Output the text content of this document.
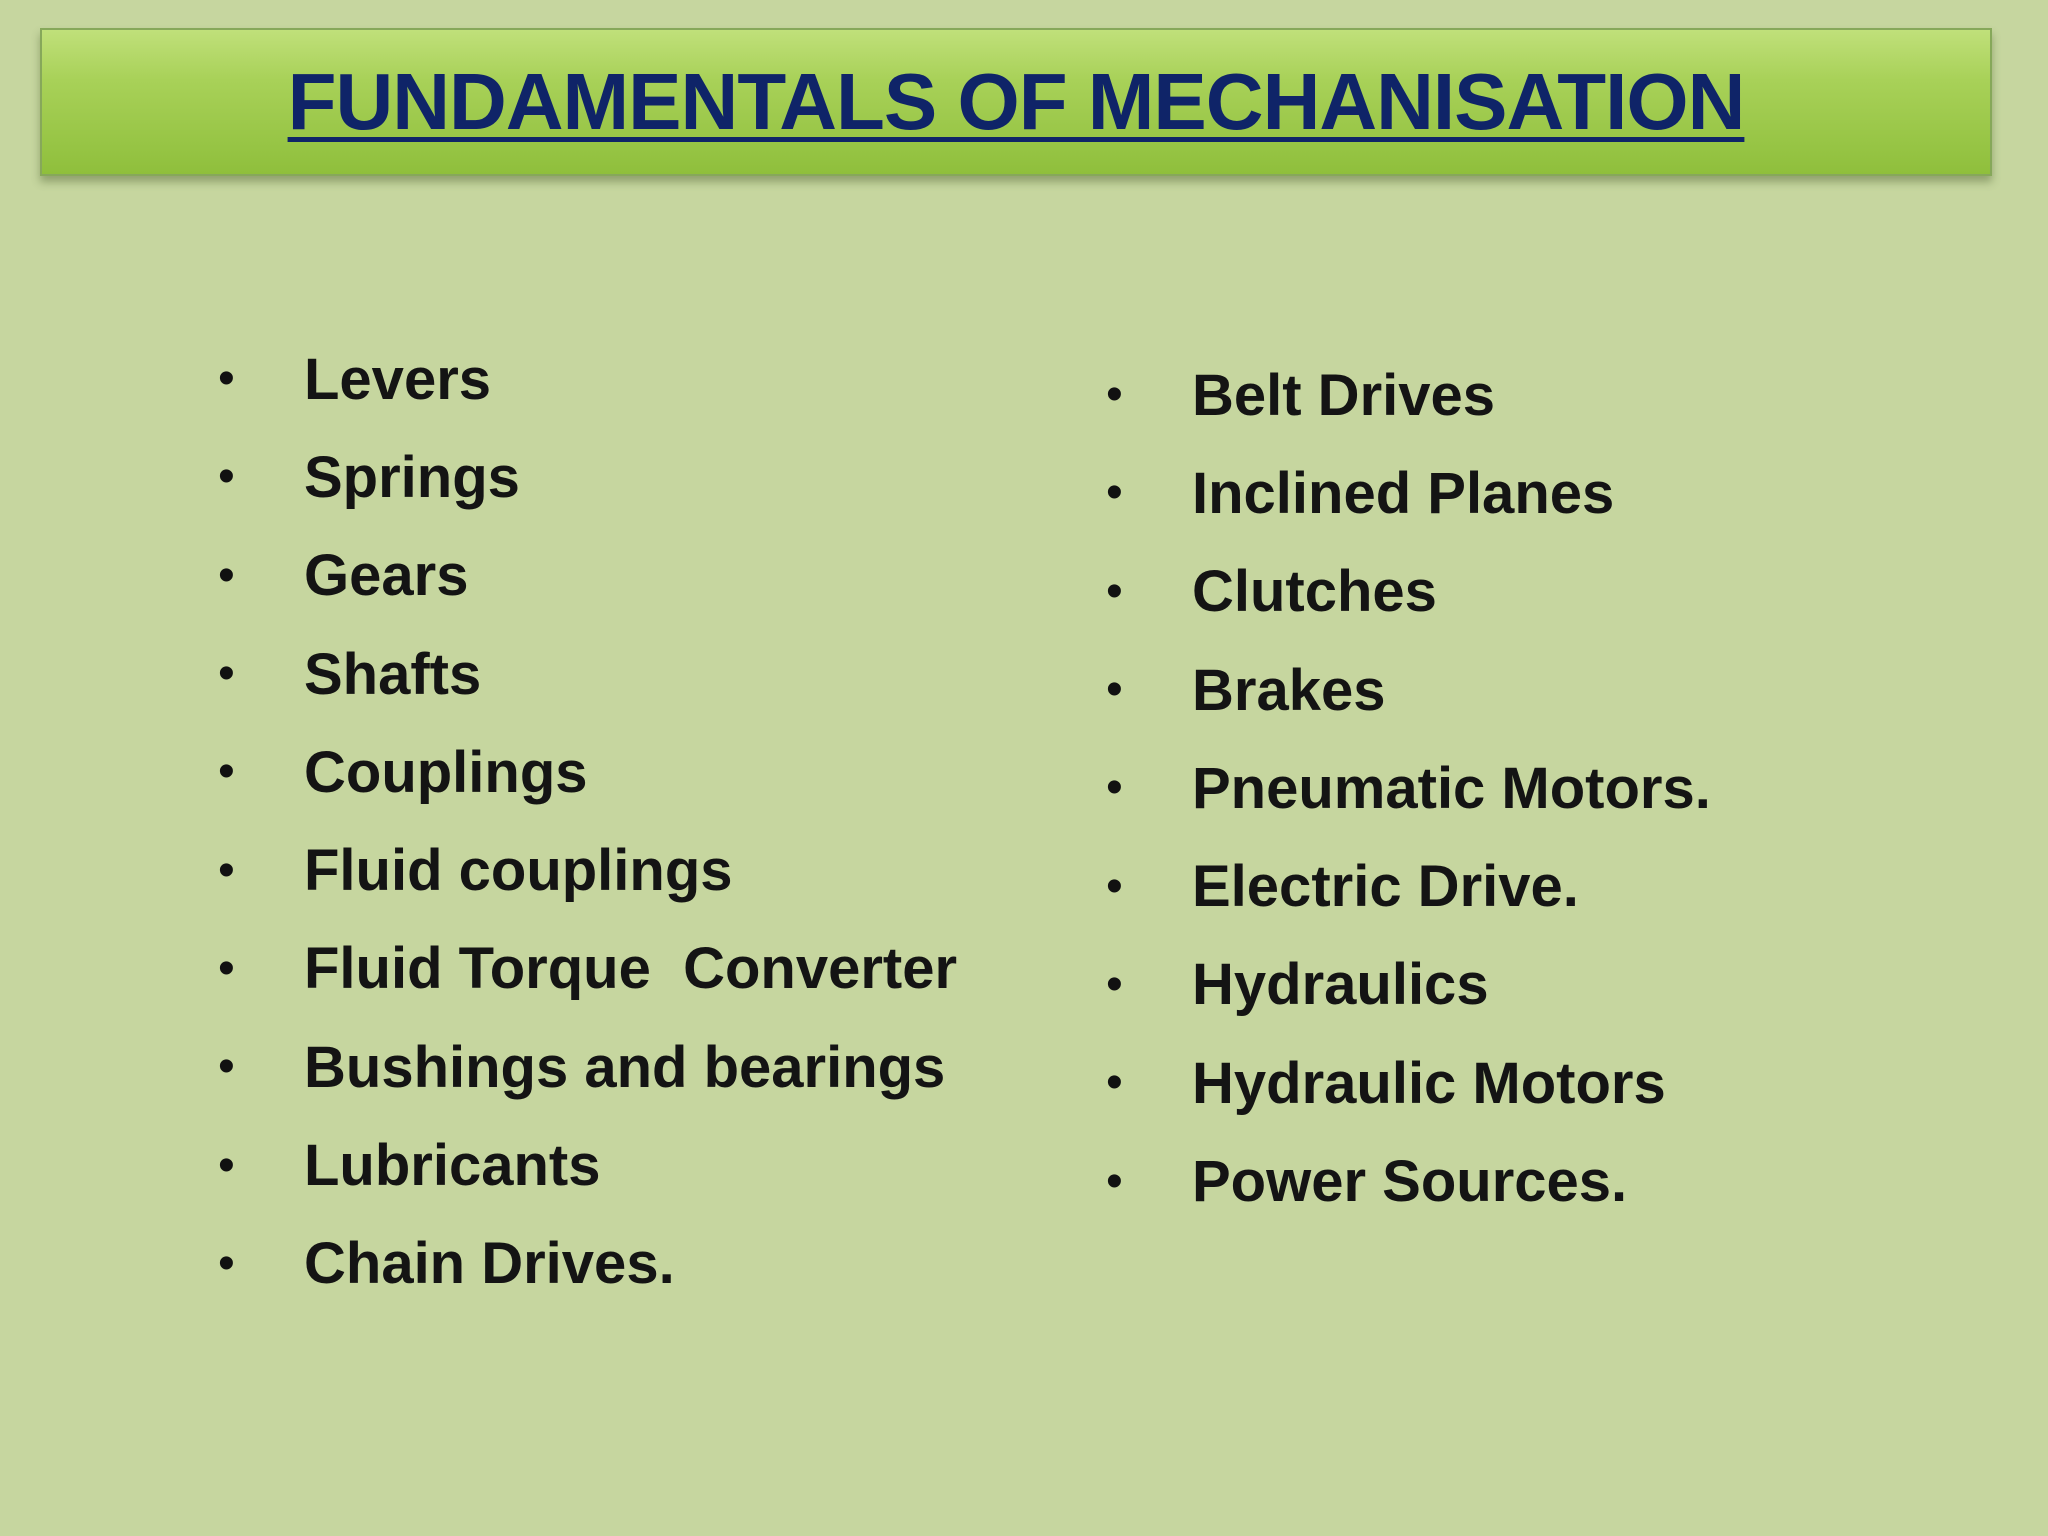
FUNDAMENTALS OF MECHANISATION
•	Levers
•	Springs
•	Gears
•	Shafts
•	Couplings
•	Fluid couplings
•	Fluid Torque  Converter
•	Bushings and bearings
•	Lubricants
•	Chain Drives.
•	Belt Drives
•	Inclined Planes
•	Clutches
•	Brakes
•	Pneumatic Motors.
•	Electric Drive.
•	Hydraulics
•	Hydraulic Motors
•	Power Sources.
